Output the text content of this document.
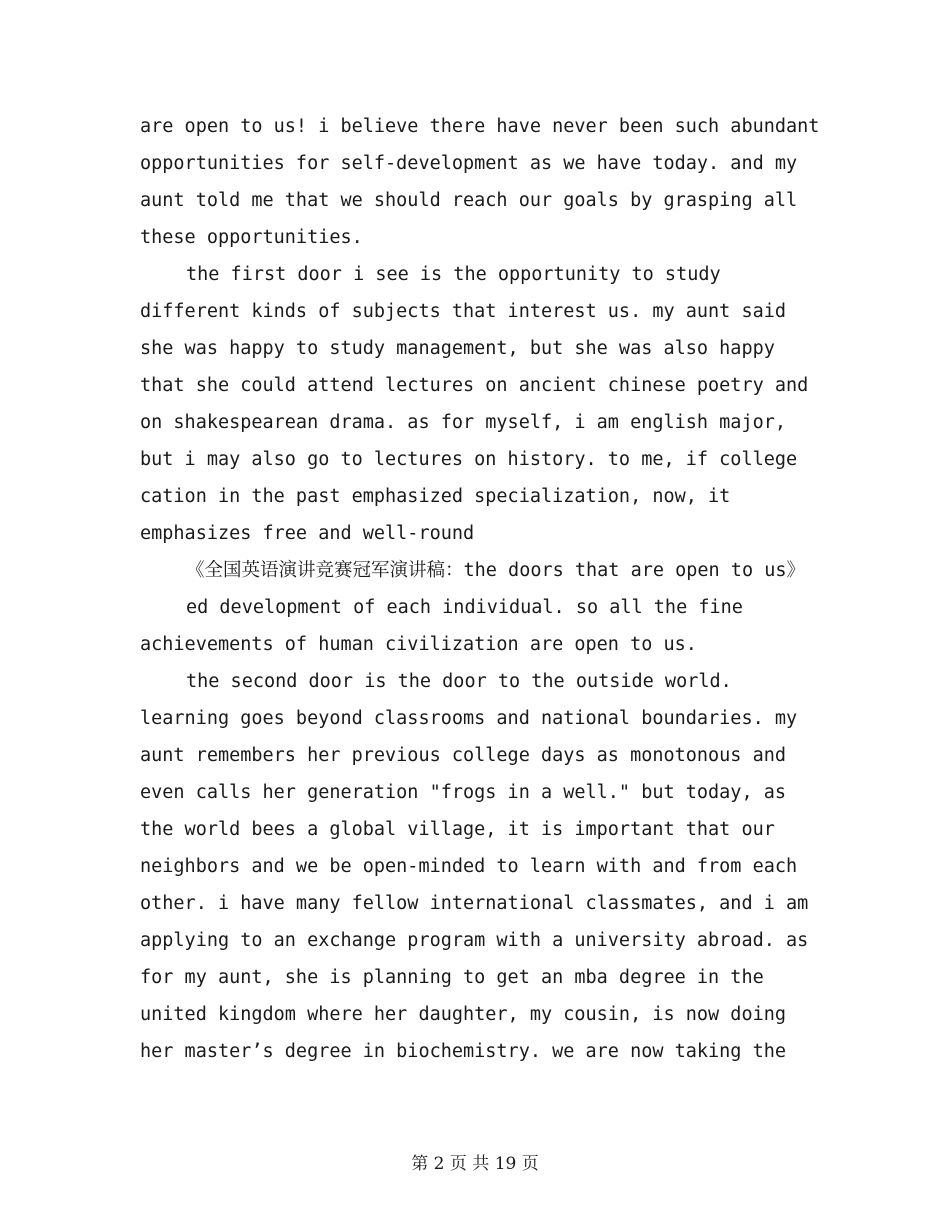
are open to us! i believe there have never been such abundant opportunities for self-development as we have today. and my aunt told me that we should reach our goals by grasping all these opportunities.

the first door i see is the opportunity to study different kinds of subjects that interest us. my aunt said she was happy to study management, but she was also happy that she could attend lectures on ancient chinese poetry and on shakespearean drama. as for myself, i am english major, but i may also go to lectures on history. to me, if college cation in the past emphasized specialization, now, it emphasizes free and well-round

《全国英语演讲竞赛冠军演讲稿：the doors that are open to us》

ed development of each individual. so all the fine achievements of human civilization are open to us.

the second door is the door to the outside world. learning goes beyond classrooms and national boundaries. my aunt remembers her previous college days as monotonous and even calls her generation "frogs in a well." but today, as the world bees a global village, it is important that our neighbors and we be open-minded to learn with and from each other. i have many fellow international classmates, and i am applying to an exchange program with a university abroad. as for my aunt, she is planning to get an mba degree in the united kingdom where her daughter, my cousin, is now doing her master’s degree in biochemistry. we are now taking the

第 2 页 共 19 页
